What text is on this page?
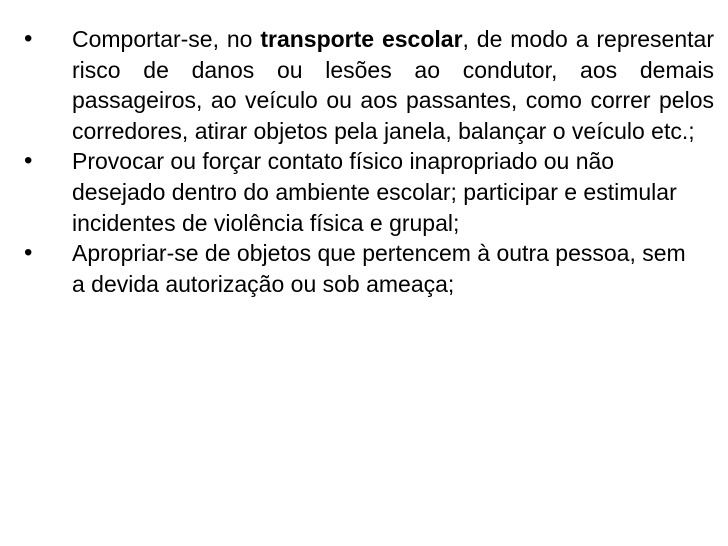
• Comportar-se, no transporte escolar, de modo a representar risco de danos ou lesões ao condutor, aos demais passageiros, ao veículo ou aos passantes, como correr pelos corredores, atirar objetos pela janela, balançar o veículo etc.;
• Provocar ou forçar contato físico inapropriado ou não desejado dentro do ambiente escolar; participar e estimular incidentes de violência física e grupal;
• Apropriar-se de objetos que pertencem à outra pessoa, sem a devida autorização ou sob ameaça;
